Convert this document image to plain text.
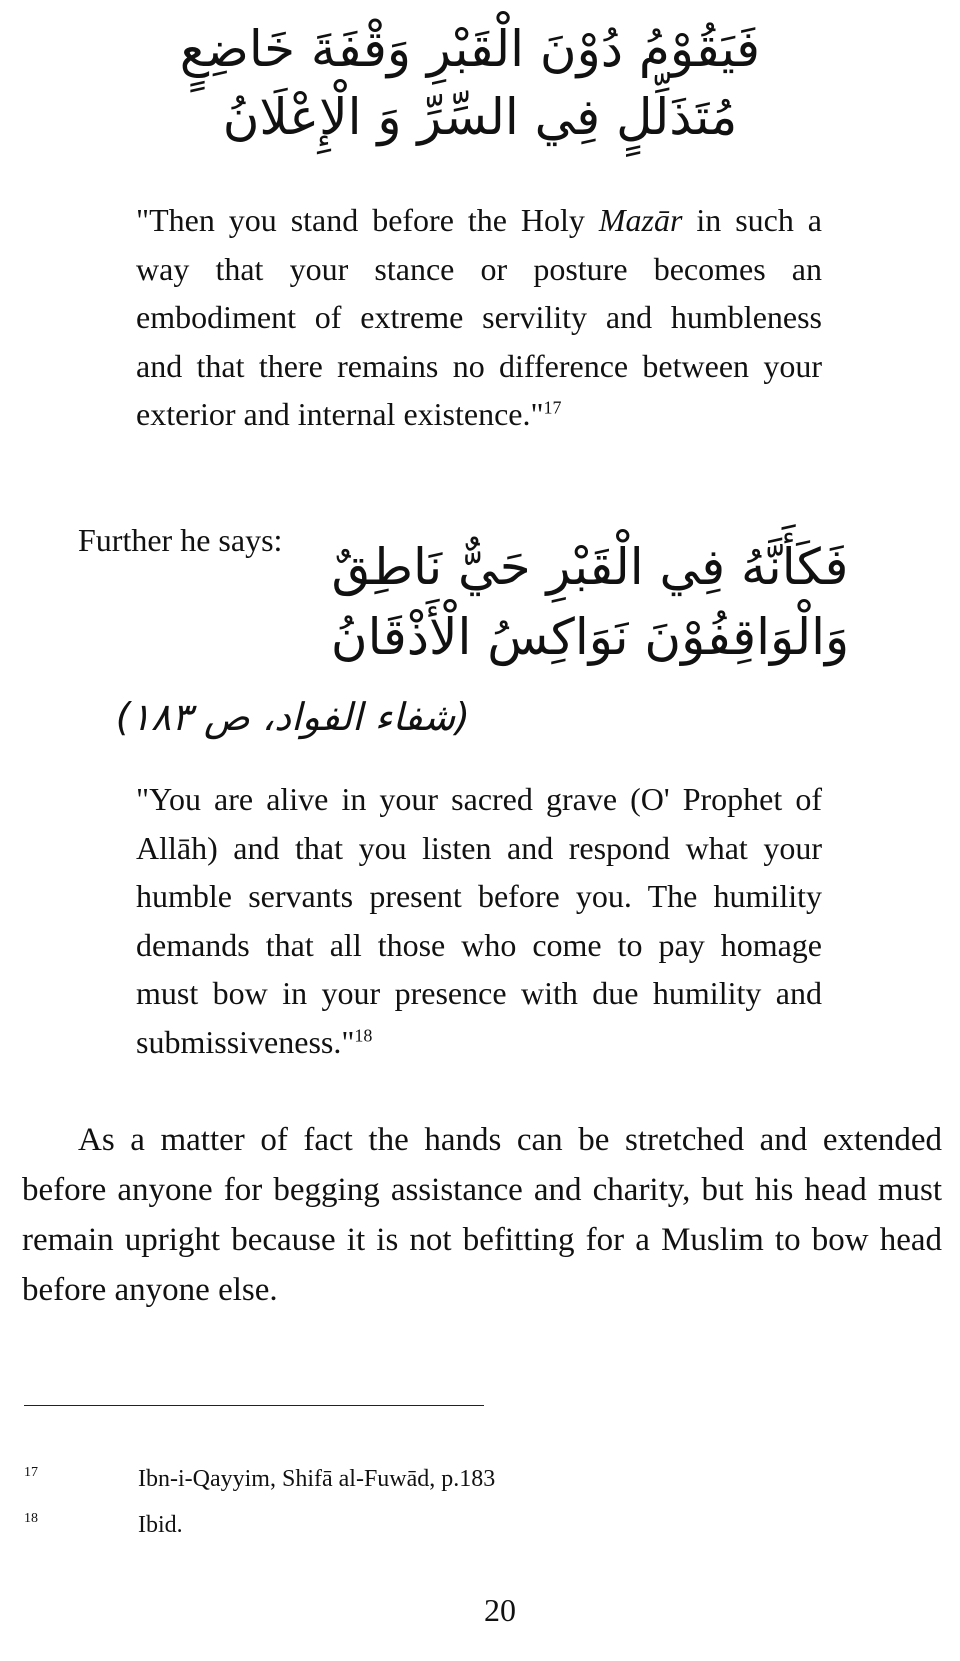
فَيَقُوْمُ دُوْنَ الْقَبْرِ وَقْفَةَ خَاضِعٍ
مُتَذَلِّلٍ فِي السِّرِّ وَ الْإِعْلَانُ
"Then you stand before the Holy Mazār in such a way that your stance or posture becomes an embodiment of extreme servility and humbleness and that there remains no difference between your exterior and internal existence."$^{17}$
Further he says: فَكَأَنَّهُ فِي الْقَبْرِ حَيٌّ نَاطِقٌ
وَالْوَاقِفُوْنَ نَوَاكِسُ الْأَذْقَانُ
(شفاء الفواد، ص ۱۸۳)
"You are alive in your sacred grave (O' Prophet of Allāh) and that you listen and respond what your humble servants present before you. The humility demands that all those who come to pay homage must bow in your presence with due humility and submissiveness."$^{18}$
As a matter of fact the hands can be stretched and extended before anyone for begging assistance and charity, but his head must remain upright because it is not befitting for a Muslim to bow head before anyone else.
17	Ibn-i-Qayyim, Shifā al-Fuwād, p.183
18	Ibid.
20
